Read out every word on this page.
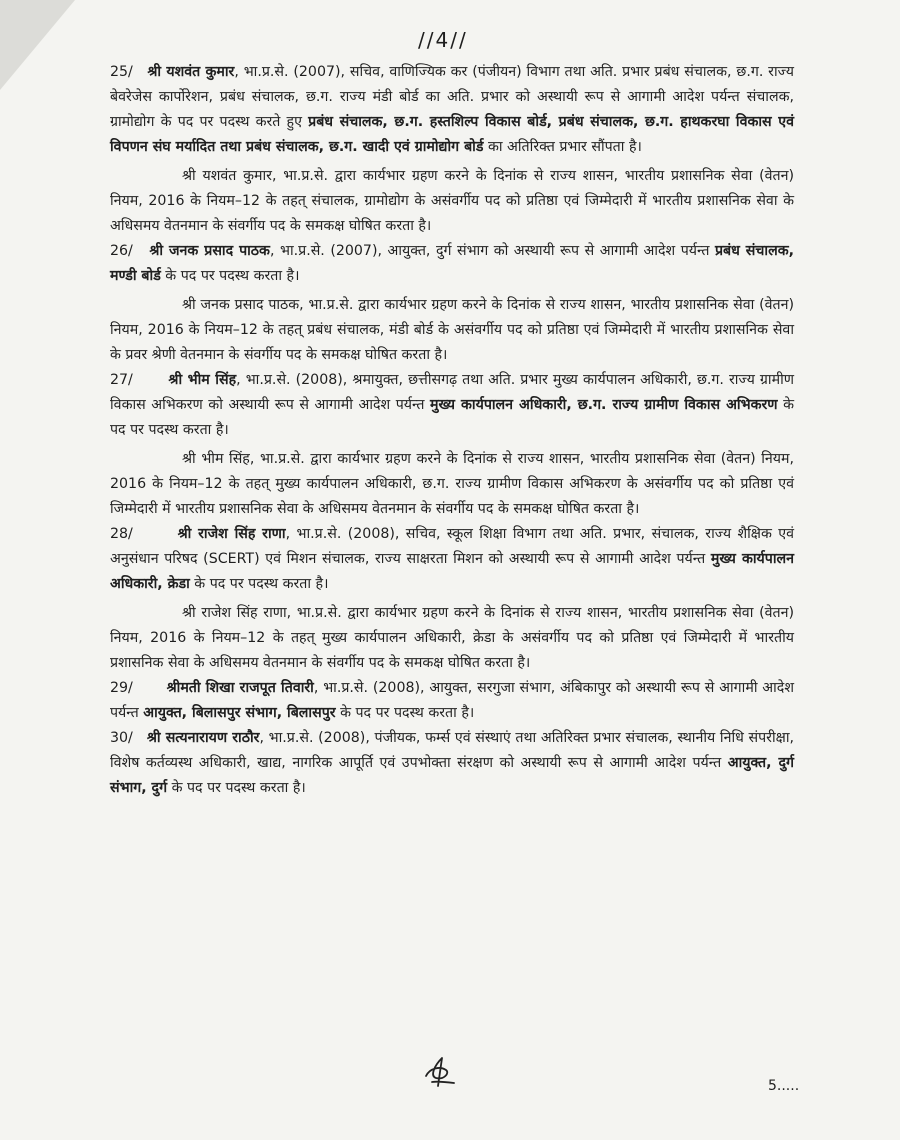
//4//

25/ श्री यशवंत कुमार, भा.प्र.से. (2007), सचिव, वाणिज्यिक कर (पंजीयन) विभाग तथा अति. प्रभार प्रबंध संचालक, छ.ग. राज्य बेवरेजेस कार्पोरेशन, प्रबंध संचालक, छ.ग. राज्य मंडी बोर्ड का अति. प्रभार को अस्थायी रूप से आगामी आदेश पर्यन्त संचालक, ग्रामोद्योग के पद पर पदस्थ करते हुए प्रबंध संचालक, छ.ग. हस्तशिल्प विकास बोर्ड, प्रबंध संचालक, छ.ग. हाथकरघा विकास एवं विपणन संघ मर्यादित तथा प्रबंध संचालक, छ.ग. खादी एवं ग्रामोद्योग बोर्ड का अतिरिक्त प्रभार सौंपता है।

श्री यशवंत कुमार, भा.प्र.से. द्वारा कार्यभार ग्रहण करने के दिनांक से राज्य शासन, भारतीय प्रशासनिक सेवा (वेतन) नियम, 2016 के नियम–12 के तहत् संचालक, ग्रामोद्योग के असंवर्गीय पद को प्रतिष्ठा एवं जिम्मेदारी में भारतीय प्रशासनिक सेवा के अधिसमय वेतनमान के संवर्गीय पद के समकक्ष घोषित करता है।

26/ श्री जनक प्रसाद पाठक, भा.प्र.से. (2007), आयुक्त, दुर्ग संभाग को अस्थायी रूप से आगामी आदेश पर्यन्त प्रबंध संचालक, मण्डी बोर्ड के पद पर पदस्थ करता है।

श्री जनक प्रसाद पाठक, भा.प्र.से. द्वारा कार्यभार ग्रहण करने के दिनांक से राज्य शासन, भारतीय प्रशासनिक सेवा (वेतन) नियम, 2016 के नियम–12 के तहत् प्रबंध संचालक, मंडी बोर्ड के असंवर्गीय पद को प्रतिष्ठा एवं जिम्मेदारी में भारतीय प्रशासनिक सेवा के प्रवर श्रेणी वेतनमान के संवर्गीय पद के समकक्ष घोषित करता है।

27/	श्री भीम सिंह, भा.प्र.से. (2008), श्रमायुक्त, छत्तीसगढ़ तथा अति. प्रभार मुख्य कार्यपालन अधिकारी, छ.ग. राज्य ग्रामीण विकास अभिकरण को अस्थायी रूप से आगामी आदेश पर्यन्त मुख्य कार्यपालन अधिकारी, छ.ग. राज्य ग्रामीण विकास अभिकरण के पद पर पदस्थ करता है।

श्री भीम सिंह, भा.प्र.से. द्वारा कार्यभार ग्रहण करने के दिनांक से राज्य शासन, भारतीय प्रशासनिक सेवा (वेतन) नियम, 2016 के नियम–12 के तहत् मुख्य कार्यपालन अधिकारी, छ.ग. राज्य ग्रामीण विकास अभिकरण के असंवर्गीय पद को प्रतिष्ठा एवं जिम्मेदारी में भारतीय प्रशासनिक सेवा के अधिसमय वेतनमान के संवर्गीय पद के समकक्ष घोषित करता है।

28/	श्री राजेश सिंह राणा, भा.प्र.से. (2008), सचिव, स्कूल शिक्षा विभाग तथा अति. प्रभार, संचालक, राज्य शैक्षिक एवं अनुसंधान परिषद (SCERT) एवं मिशन संचालक, राज्य साक्षरता मिशन को अस्थायी रूप से आगामी आदेश पर्यन्त मुख्य कार्यपालन अधिकारी, क्रेडा के पद पर पदस्थ करता है।

श्री राजेश सिंह राणा, भा.प्र.से. द्वारा कार्यभार ग्रहण करने के दिनांक से राज्य शासन, भारतीय प्रशासनिक सेवा (वेतन) नियम, 2016 के नियम–12 के तहत् मुख्य कार्यपालन अधिकारी, क्रेडा के असंवर्गीय पद को प्रतिष्ठा एवं जिम्मेदारी में भारतीय प्रशासनिक सेवा के अधिसमय वेतनमान के संवर्गीय पद के समकक्ष घोषित करता है।

29/ श्रीमती शिखा राजपूत तिवारी, भा.प्र.से. (2008), आयुक्त, सरगुजा संभाग, अंबिकापुर को अस्थायी रूप से आगामी आदेश पर्यन्त आयुक्त, बिलासपुर संभाग, बिलासपुर के पद पर पदस्थ करता है।

30/ श्री सत्यनारायण राठौर, भा.प्र.से. (2008), पंजीयक, फर्म्स एवं संस्थाएं तथा अतिरिक्त प्रभार संचालक, स्थानीय निधि संपरीक्षा, विशेष कर्तव्यस्थ अधिकारी, खाद्य, नागरिक आपूर्ति एवं उपभोक्ता संरक्षण को अस्थायी रूप से आगामी आदेश पर्यन्त आयुक्त, दुर्ग संभाग, दुर्ग के पद पर पदस्थ करता है।

5.....
